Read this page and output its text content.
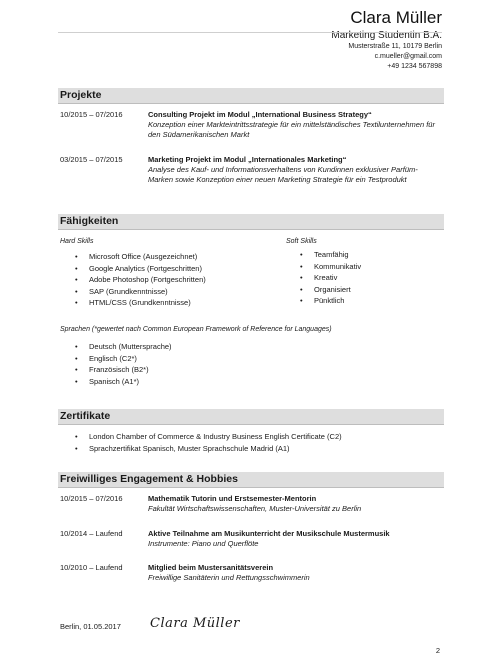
Clara Müller
Marketing Studentin B.A.
Musterstraße 11, 10179 Berlin
c.mueller@gmail.com
+49 1234 567898
Projekte
10/2015 – 07/2016	Consulting Projekt im Modul „International Business Strategy“
Konzeption einer Markteintrittsstrategie für ein mittelständisches Textilunternehmen für den Südamerikanischen Markt
03/2015 – 07/2015	Marketing Projekt im Modul „Internationales Marketing“
Analyse des Kauf- und Informationsverhaltens von Kundinnen exklusiver Parfüm-Marken sowie Konzeption einer neuen Marketing Strategie für ein Testprodukt
Fähigkeiten
Hard Skills
• Microsoft Office (Ausgezeichnet)
• Google Analytics (Fortgeschritten)
• Adobe Photoshop (Fortgeschritten)
• SAP (Grundkenntnisse)
• HTML/CSS (Grundkenntnisse)
Soft Skills
• Teamfähig
• Kommunikativ
• Kreativ
• Organisiert
• Pünktlich
Sprachen (*gewertet nach Common European Framework of Reference for Languages)
• Deutsch (Muttersprache)
• Englisch (C2*)
• Französisch (B2*)
• Spanisch (A1*)
Zertifikate
• London Chamber of Commerce & Industry Business English Certificate (C2)
• Sprachzertifikat Spanisch, Muster Sprachschule Madrid (A1)
Freiwilliges Engagement & Hobbies
10/2015 – 07/2016	Mathematik Tutorin und Erstsemester-Mentorin
Fakultät Wirtschaftswissenschaften, Muster-Universität zu Berlin
10/2014 – Laufend	Aktive Teilnahme am Musikunterricht der Musikschule Mustermusik
Instrumente: Piano und Querflöte
10/2010 – Laufend	Mitglied beim Mustersanitätsverein
Freiwillige Sanitäterin und Rettungsschwimmerin
Berlin, 01.05.2017 Clara Müller
2
